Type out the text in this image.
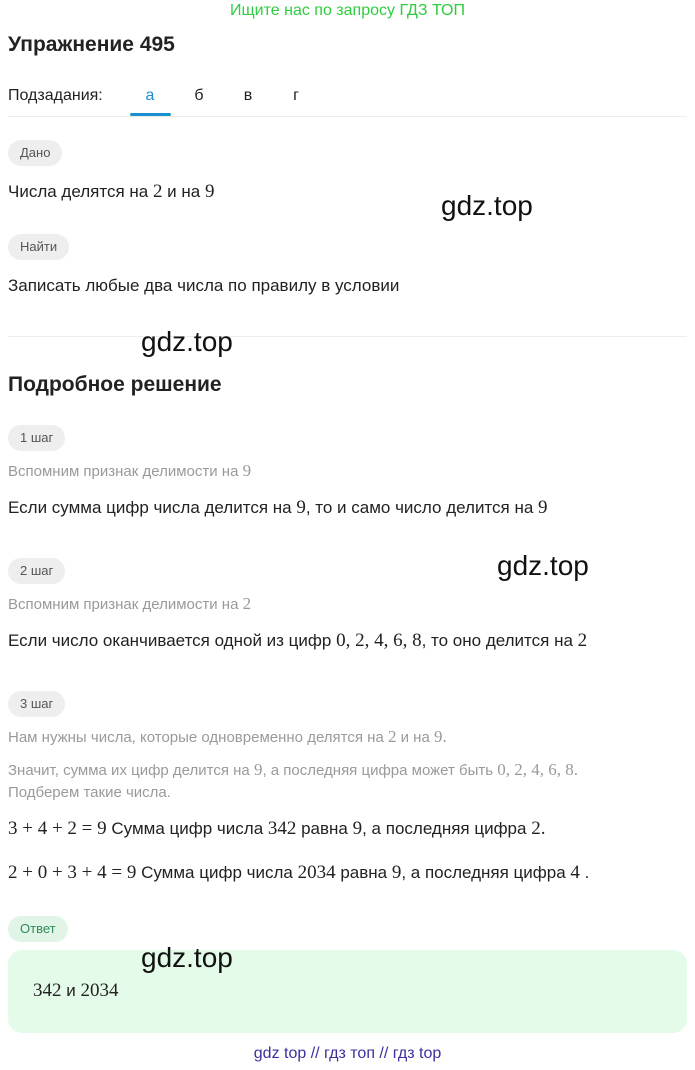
Ищите нас по запросу ГДЗ ТОП
Упражнение 495
Подзадания:	а	б	в	г
Дано
Числа делятся на 2 и на 9
Найти
Записать любые два числа по правилу в условии
Подробное решение
1 шаг
Вспомним признак делимости на 9
Если сумма цифр числа делится на 9, то и само число делится на 9
2 шаг
Вспомним признак делимости на 2
Если число оканчивается одной из цифр 0, 2, 4, 6, 8, то оно делится на 2
3 шаг
Нам нужны числа, которые одновременно делятся на 2 и на 9.
Значит, сумма их цифр делится на 9, а последняя цифра может быть 0, 2, 4, 6, 8.
Подберем такие числа.
3 + 4 + 2 = 9 Сумма цифр числа 342 равна 9, а последняя цифра 2.
2 + 0 + 3 + 4 = 9 Сумма цифр числа 2034 равна 9, а последняя цифра 4 .
Ответ
342 и 2034
gdz.top
gdz.top
gdz.top
gdz.top
gdz top // гдз топ // гдз top
